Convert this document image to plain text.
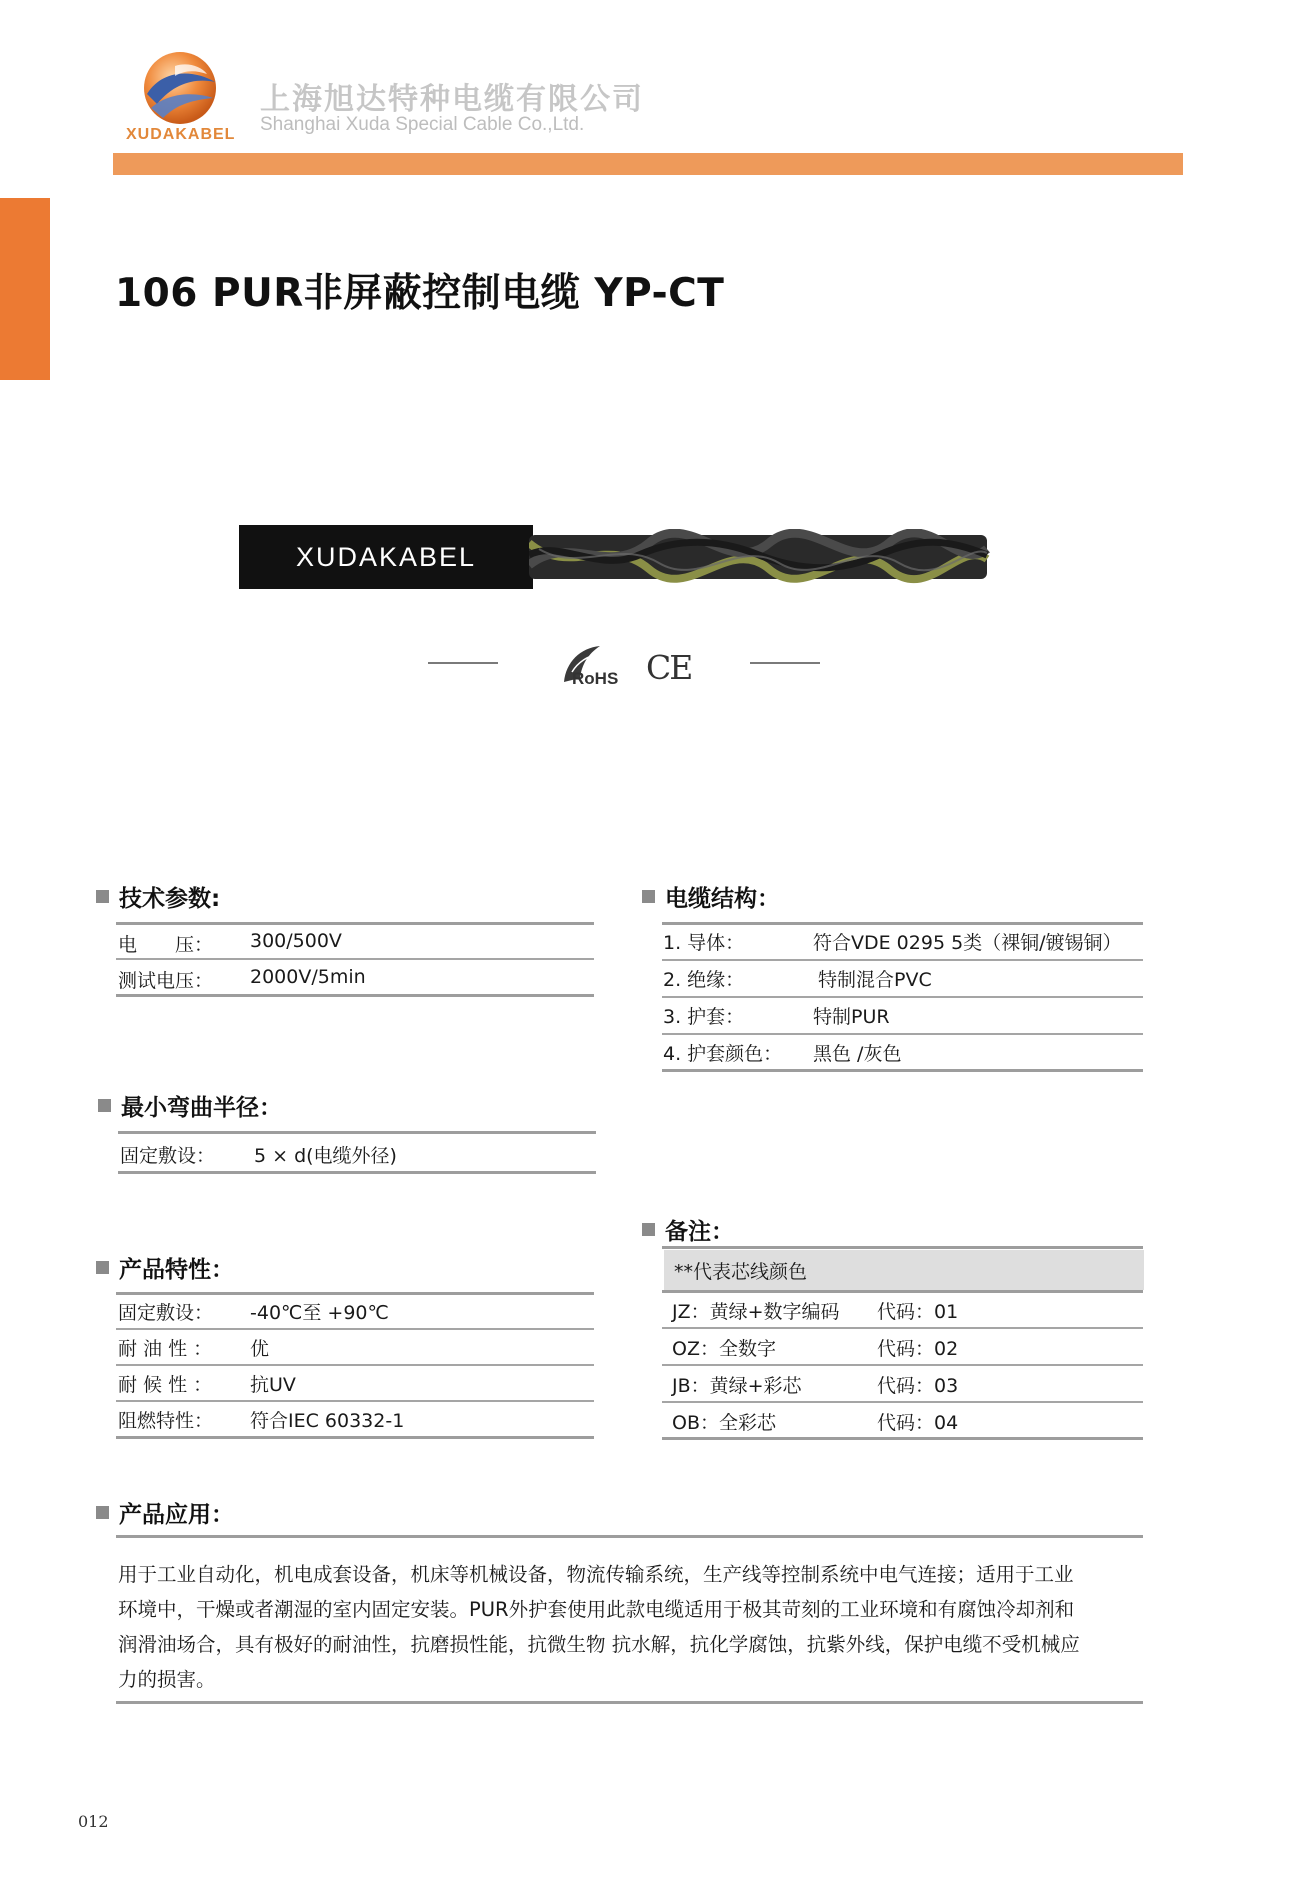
XUDAKABEL
上海旭达特种电缆有限公司
Shanghai Xuda Special Cable Co.,Ltd.
106 PUR非屏蔽控制电缆 YP-CT
XUDAKABEL
RoHS CE
技术参数:
电　　压： 300/500V
测试电压： 2000V/5min
电缆结构：
1. 导体：	符合VDE 0295 5类（裸铜/镀锡铜）
2. 绝缘：	特制混合PVC
3. 护套：	特制PUR
4. 护套颜色： 黑色 /灰色
最小弯曲半径：
固定敷设： 5 × d(电缆外径)
产品特性：
固定敷设： -40℃至 +90℃
耐 油 性 ： 优
耐 候 性 ： 抗UV
阻燃特性： 符合IEC 60332-1
备注：
**代表芯线颜色
JZ：黄绿+数字编码 代码：01
OZ：全数字	代码：02
JB：黄绿+彩芯	代码：03
OB：全彩芯	代码：04
产品应用：
用于工业自动化，机电成套设备，机床等机械设备，物流传输系统，生产线等控制系统中电气连接；适用于工业
环境中，干燥或者潮湿的室内固定安装。PUR外护套使用此款电缆适用于极其苛刻的工业环境和有腐蚀冷却剂和
润滑油场合，具有极好的耐油性，抗磨损性能，抗微生物 抗水解，抗化学腐蚀，抗紫外线，保护电缆不受机械应
力的损害。
012
